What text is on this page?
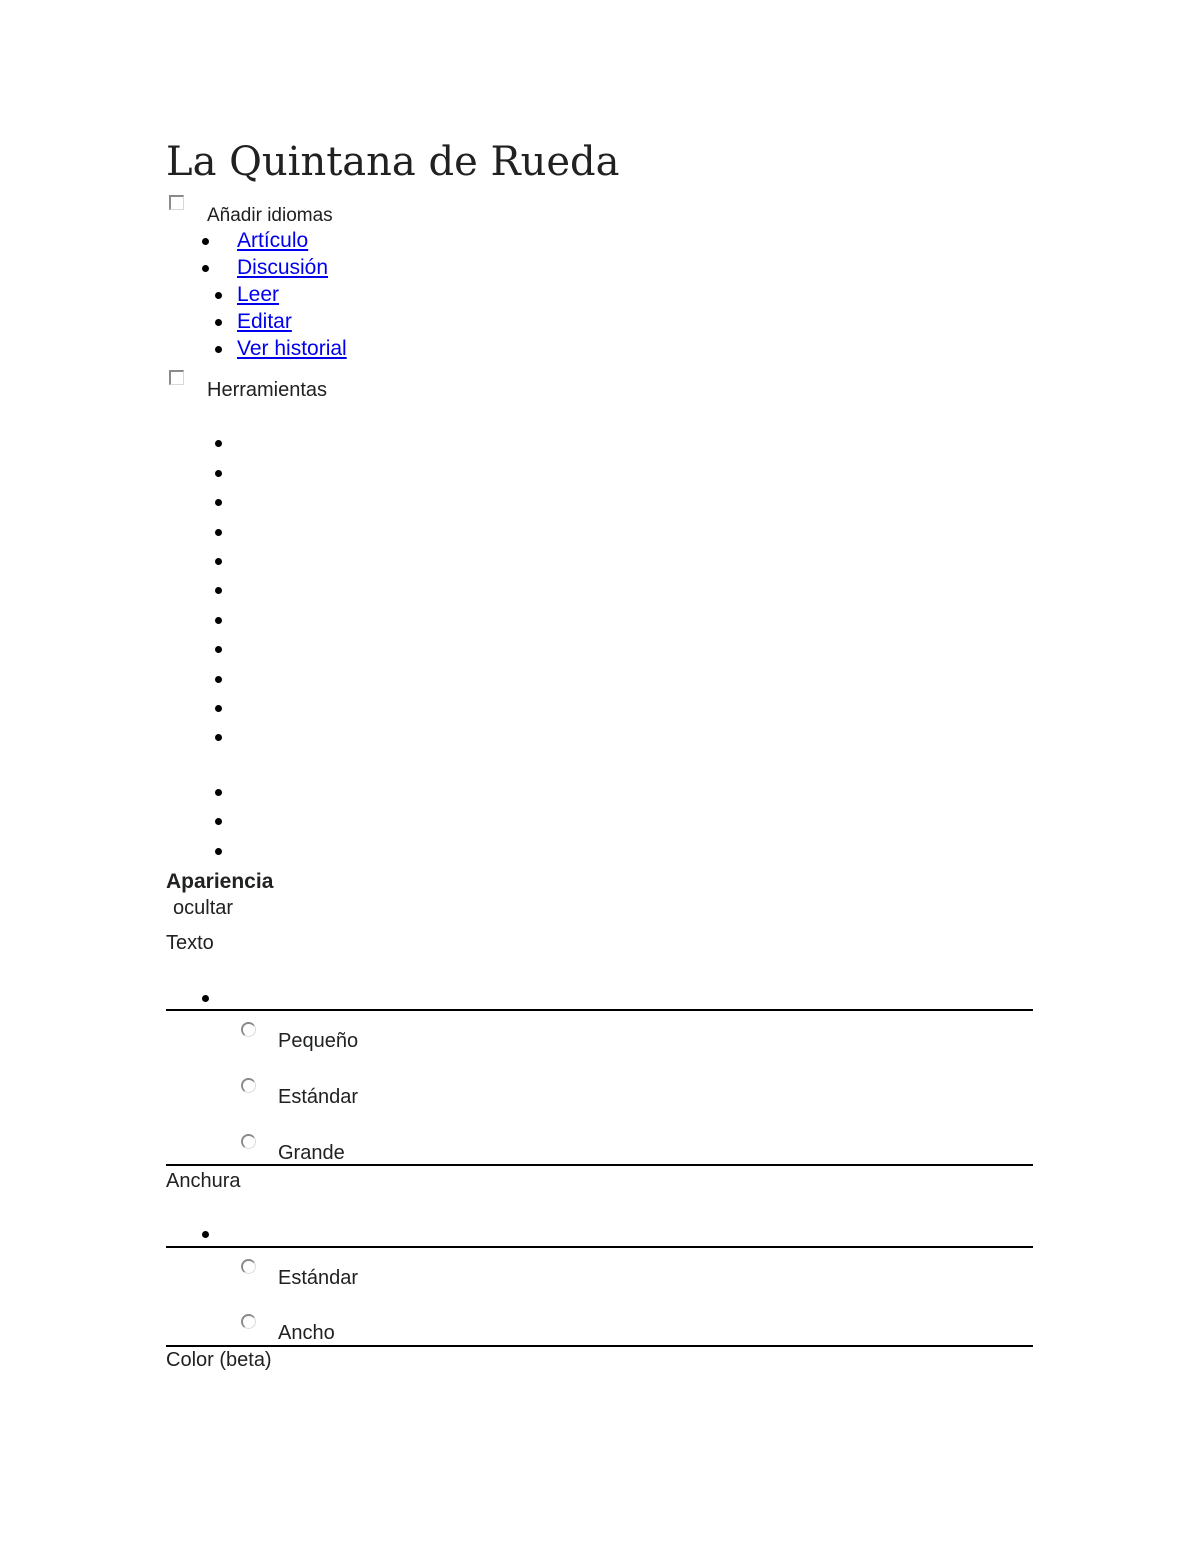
La Quintana de Rueda
Añadir idiomas
Artículo
Discusión
Leer
Editar
Ver historial
Herramientas
Apariencia
ocultar
Texto
Pequeño
Estándar
Grande
Anchura
Estándar
Ancho
Color (beta)
